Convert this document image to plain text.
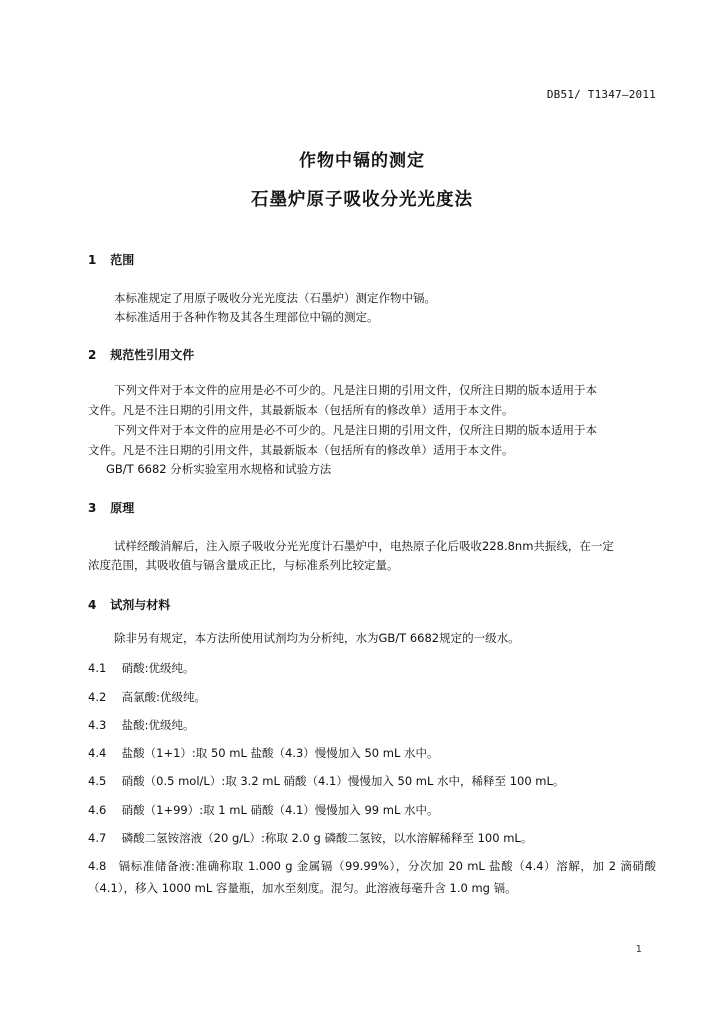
DB51/ T1347—2011
作物中镉的测定
石墨炉原子吸收分光光度法
1 范围
本标准规定了用原子吸收分光光度法（石墨炉）测定作物中镉。
本标准适用于各种作物及其各生理部位中镉的测定。
2 规范性引用文件
下列文件对于本文件的应用是必不可少的。凡是注日期的引用文件，仅所注日期的版本适用于本
文件。凡是不注日期的引用文件，其最新版本（包括所有的修改单）适用于本文件。
下列文件对于本文件的应用是必不可少的。凡是注日期的引用文件，仅所注日期的版本适用于本
文件。凡是不注日期的引用文件，其最新版本（包括所有的修改单）适用于本文件。
GB/T 6682 分析实验室用水规格和试验方法
3 原理
试样经酸消解后，注入原子吸收分光光度计石墨炉中，电热原子化后吸收228.8nm共振线，在一定
浓度范围，其吸收值与镉含量成正比，与标准系列比较定量。
4 试剂与材料
除非另有规定，本方法所使用试剂均为分析纯，水为GB/T 6682规定的一级水。
4.1 硝酸:优级纯。
4.2 高氯酸:优级纯。
4.3 盐酸:优级纯。
4.4 盐酸（1+1）:取 50 mL 盐酸（4.3）慢慢加入 50 mL 水中。
4.5 硝酸（0.5 mol/L）:取 3.2 mL 硝酸（4.1）慢慢加入 50 mL 水中，稀释至 100 mL。
4.6 硝酸（1+99）:取 1 mL 硝酸（4.1）慢慢加入 99 mL 水中。
4.7 磷酸二氢铵溶液（20 g/L）:称取 2.0 g 磷酸二氢铵，以水溶解稀释至 100 mL。
4.8 镉标准储备液:准确称取 1.000 g 金属镉（99.99%），分次加 20 mL 盐酸（4.4）溶解，加 2 滴硝酸（4.1），移入 1000 mL 容量瓶，加水至刻度。混匀。此溶液每毫升含 1.0 mg 镉。
1
